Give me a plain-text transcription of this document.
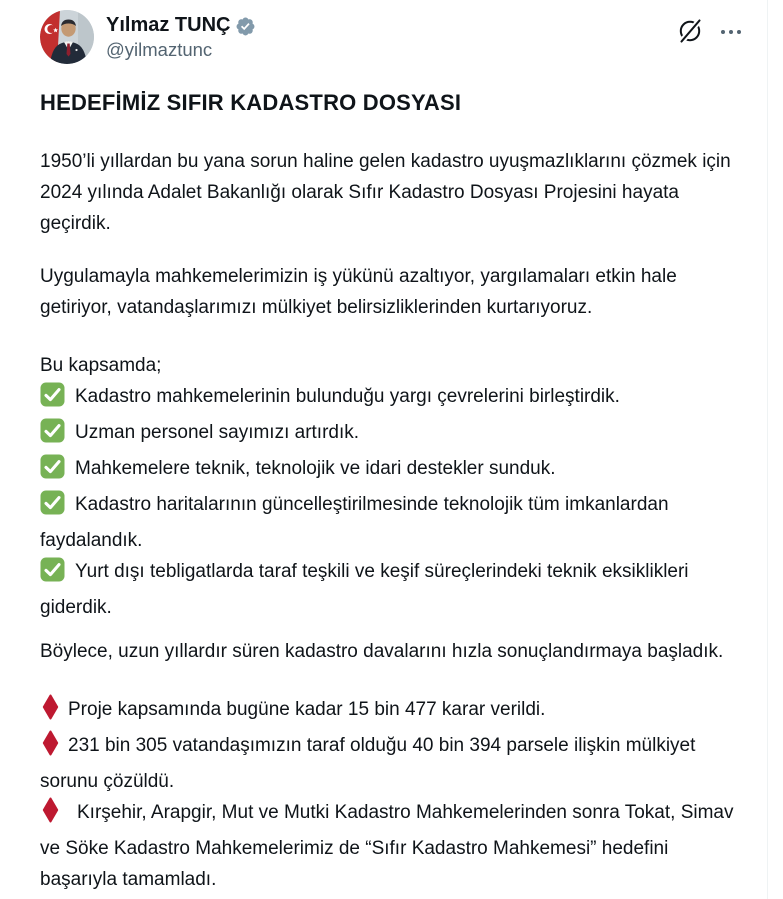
Yılmaz TUNÇ
@yilmaztunc
HEDEFİMİZ SIFIR KADASTRO DOSYASI

1950’li yıllardan bu yana sorun haline gelen kadastro uyuşmazlıklarını çözmek için 2024 yılında Adalet Bakanlığı olarak Sıfır Kadastro Dosyası Projesini hayata geçirdik.

Uygulamayla mahkemelerimizin iş yükünü azaltıyor, yargılamaları etkin hale getiriyor, vatandaşlarımızı mülkiyet belirsizliklerinden kurtarıyoruz.

Bu kapsamda;

Kadastro mahkemelerinin bulunduğu yargı çevrelerini birleştirdik.

Uzman personel sayımızı artırdık.

Mahkemelere teknik, teknolojik ve idari destekler sunduk.

Kadastro haritalarının güncelleştirilmesinde teknolojik tüm imkanlardan faydalandık.

Yurt dışı tebligatlarda taraf teşkili ve keşif süreçlerindeki teknik eksiklikleri giderdik.

Böylece, uzun yıllardır süren kadastro davalarını hızla sonuçlandırmaya başladık.

Proje kapsamında bugüne kadar 15 bin 477 karar verildi.

231 bin 305 vatandaşımızın taraf olduğu 40 bin 394 parsele ilişkin mülkiyet sorunu çözüldü.

Kırşehir, Arapgir, Mut ve Mutki Kadastro Mahkemelerinden sonra Tokat, Simav ve Söke Kadastro Mahkemelerimiz de “Sıfır Kadastro Mahkemesi” hedefini başarıyla tamamladı.
